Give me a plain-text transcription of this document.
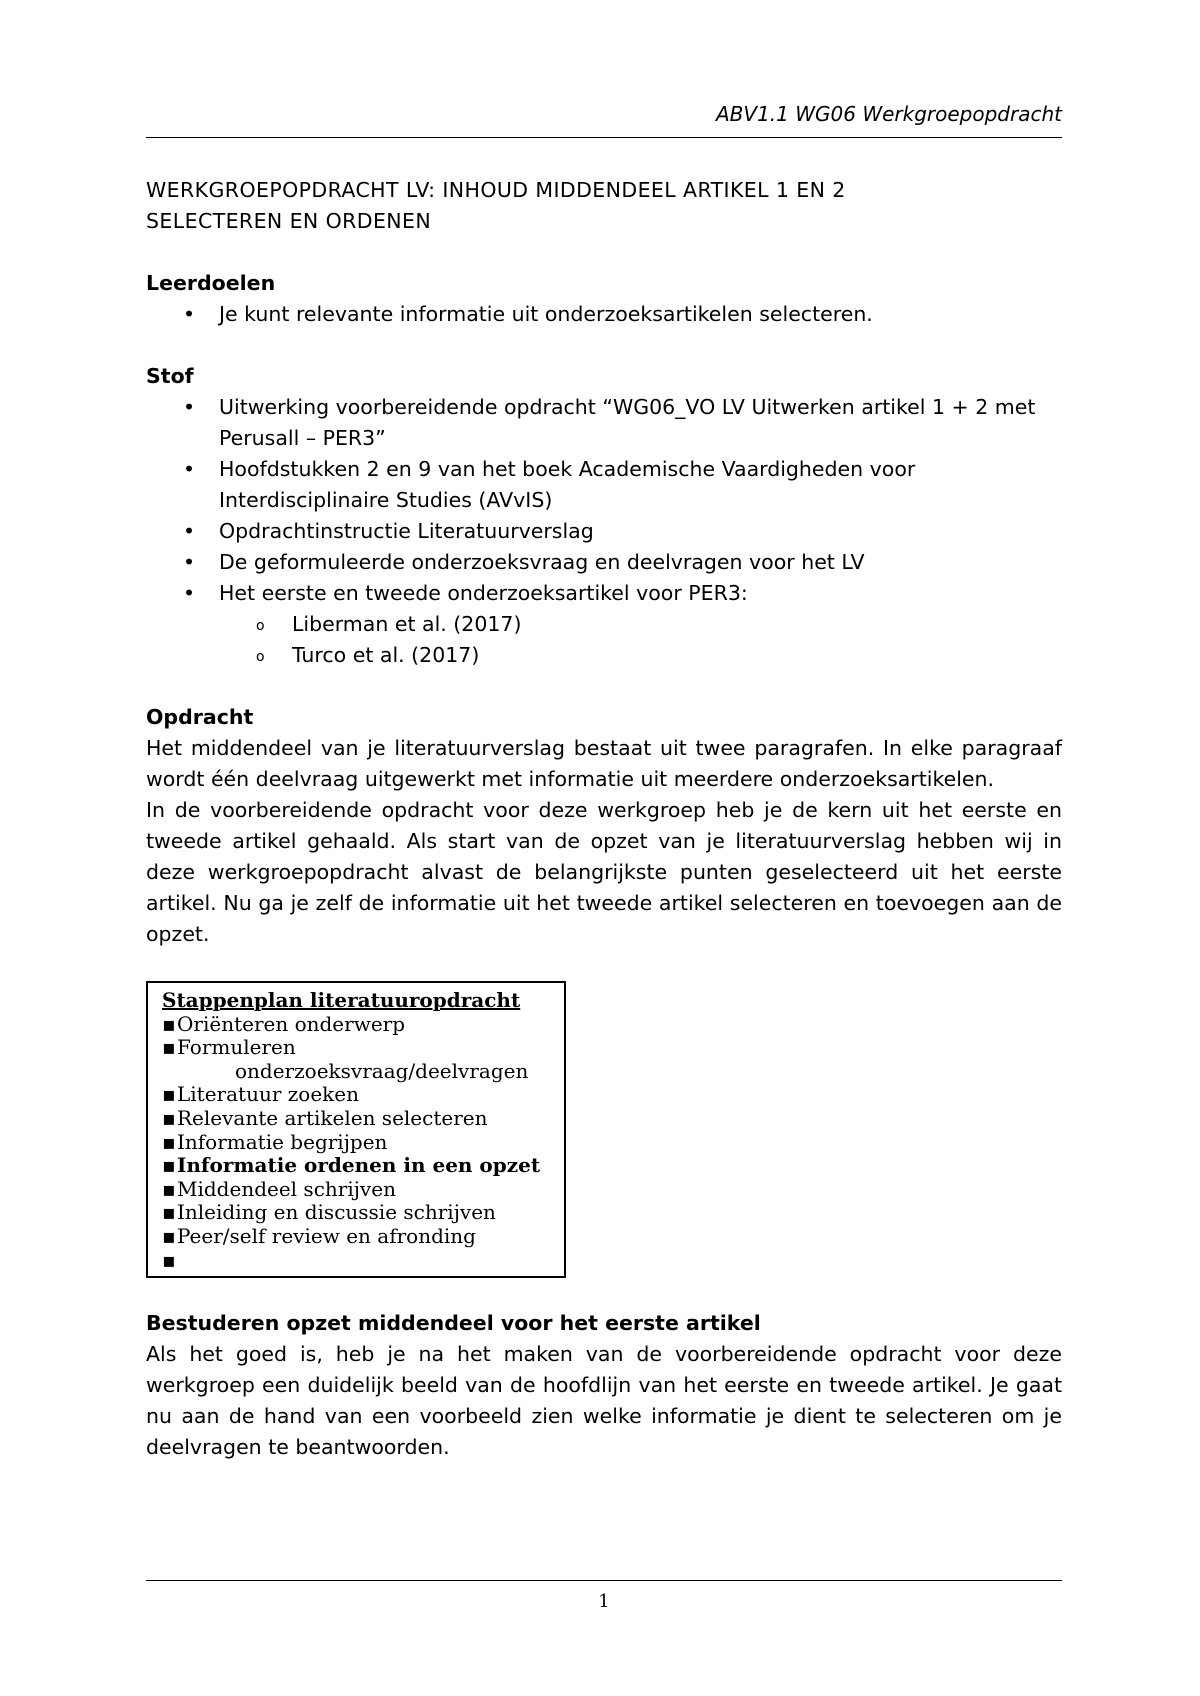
ABV1.1 WG06 Werkgroepopdracht
WERKGROEPOPDRACHT LV: INHOUD MIDDENDEEL ARTIKEL 1 EN 2
SELECTEREN EN ORDENEN
Leerdoelen
• Je kunt relevante informatie uit onderzoeksartikelen selecteren.
Stof
• Uitwerking voorbereidende opdracht “WG06_VO LV Uitwerken artikel 1 + 2 met Perusall – PER3”
• Hoofdstukken 2 en 9 van het boek Academische Vaardigheden voor Interdisciplinaire Studies (AVvIS)
• Opdrachtinstructie Literatuurverslag
• De geformuleerde onderzoeksvraag en deelvragen voor het LV
• Het eerste en tweede onderzoeksartikel voor PER3:
o Liberman et al. (2017)
o Turco et al. (2017)
Opdracht

Het middendeel van je literatuurverslag bestaat uit twee paragrafen. In elke paragraaf wordt één deelvraag uitgewerkt met informatie uit meerdere onderzoeksartikelen.

In de voorbereidende opdracht voor deze werkgroep heb je de kern uit het eerste en tweede artikel gehaald. Als start van de opzet van je literatuurverslag hebben wij in deze werkgroepopdracht alvast de belangrijkste punten geselecteerd uit het eerste artikel. Nu ga je zelf de informatie uit het tweede artikel selecteren en toevoegen aan de opzet.

Stappenplan literatuuropdracht
▪ Oriënteren onderwerp
▪ Formuleren
onderzoeksvraag/deelvragen
▪ Literatuur zoeken
▪ Relevante artikelen selecteren
▪ Informatie begrijpen
▪ Informatie ordenen in een opzet
▪ Middendeel schrijven
▪ Inleiding en discussie schrijven
▪ Peer/self review en afronding
▪
Bestuderen opzet middendeel voor het eerste artikel

Als het goed is, heb je na het maken van de voorbereidende opdracht voor deze werkgroep een duidelijk beeld van de hoofdlijn van het eerste en tweede artikel. Je gaat nu aan de hand van een voorbeeld zien welke informatie je dient te selecteren om je deelvragen te beantwoorden.

1
